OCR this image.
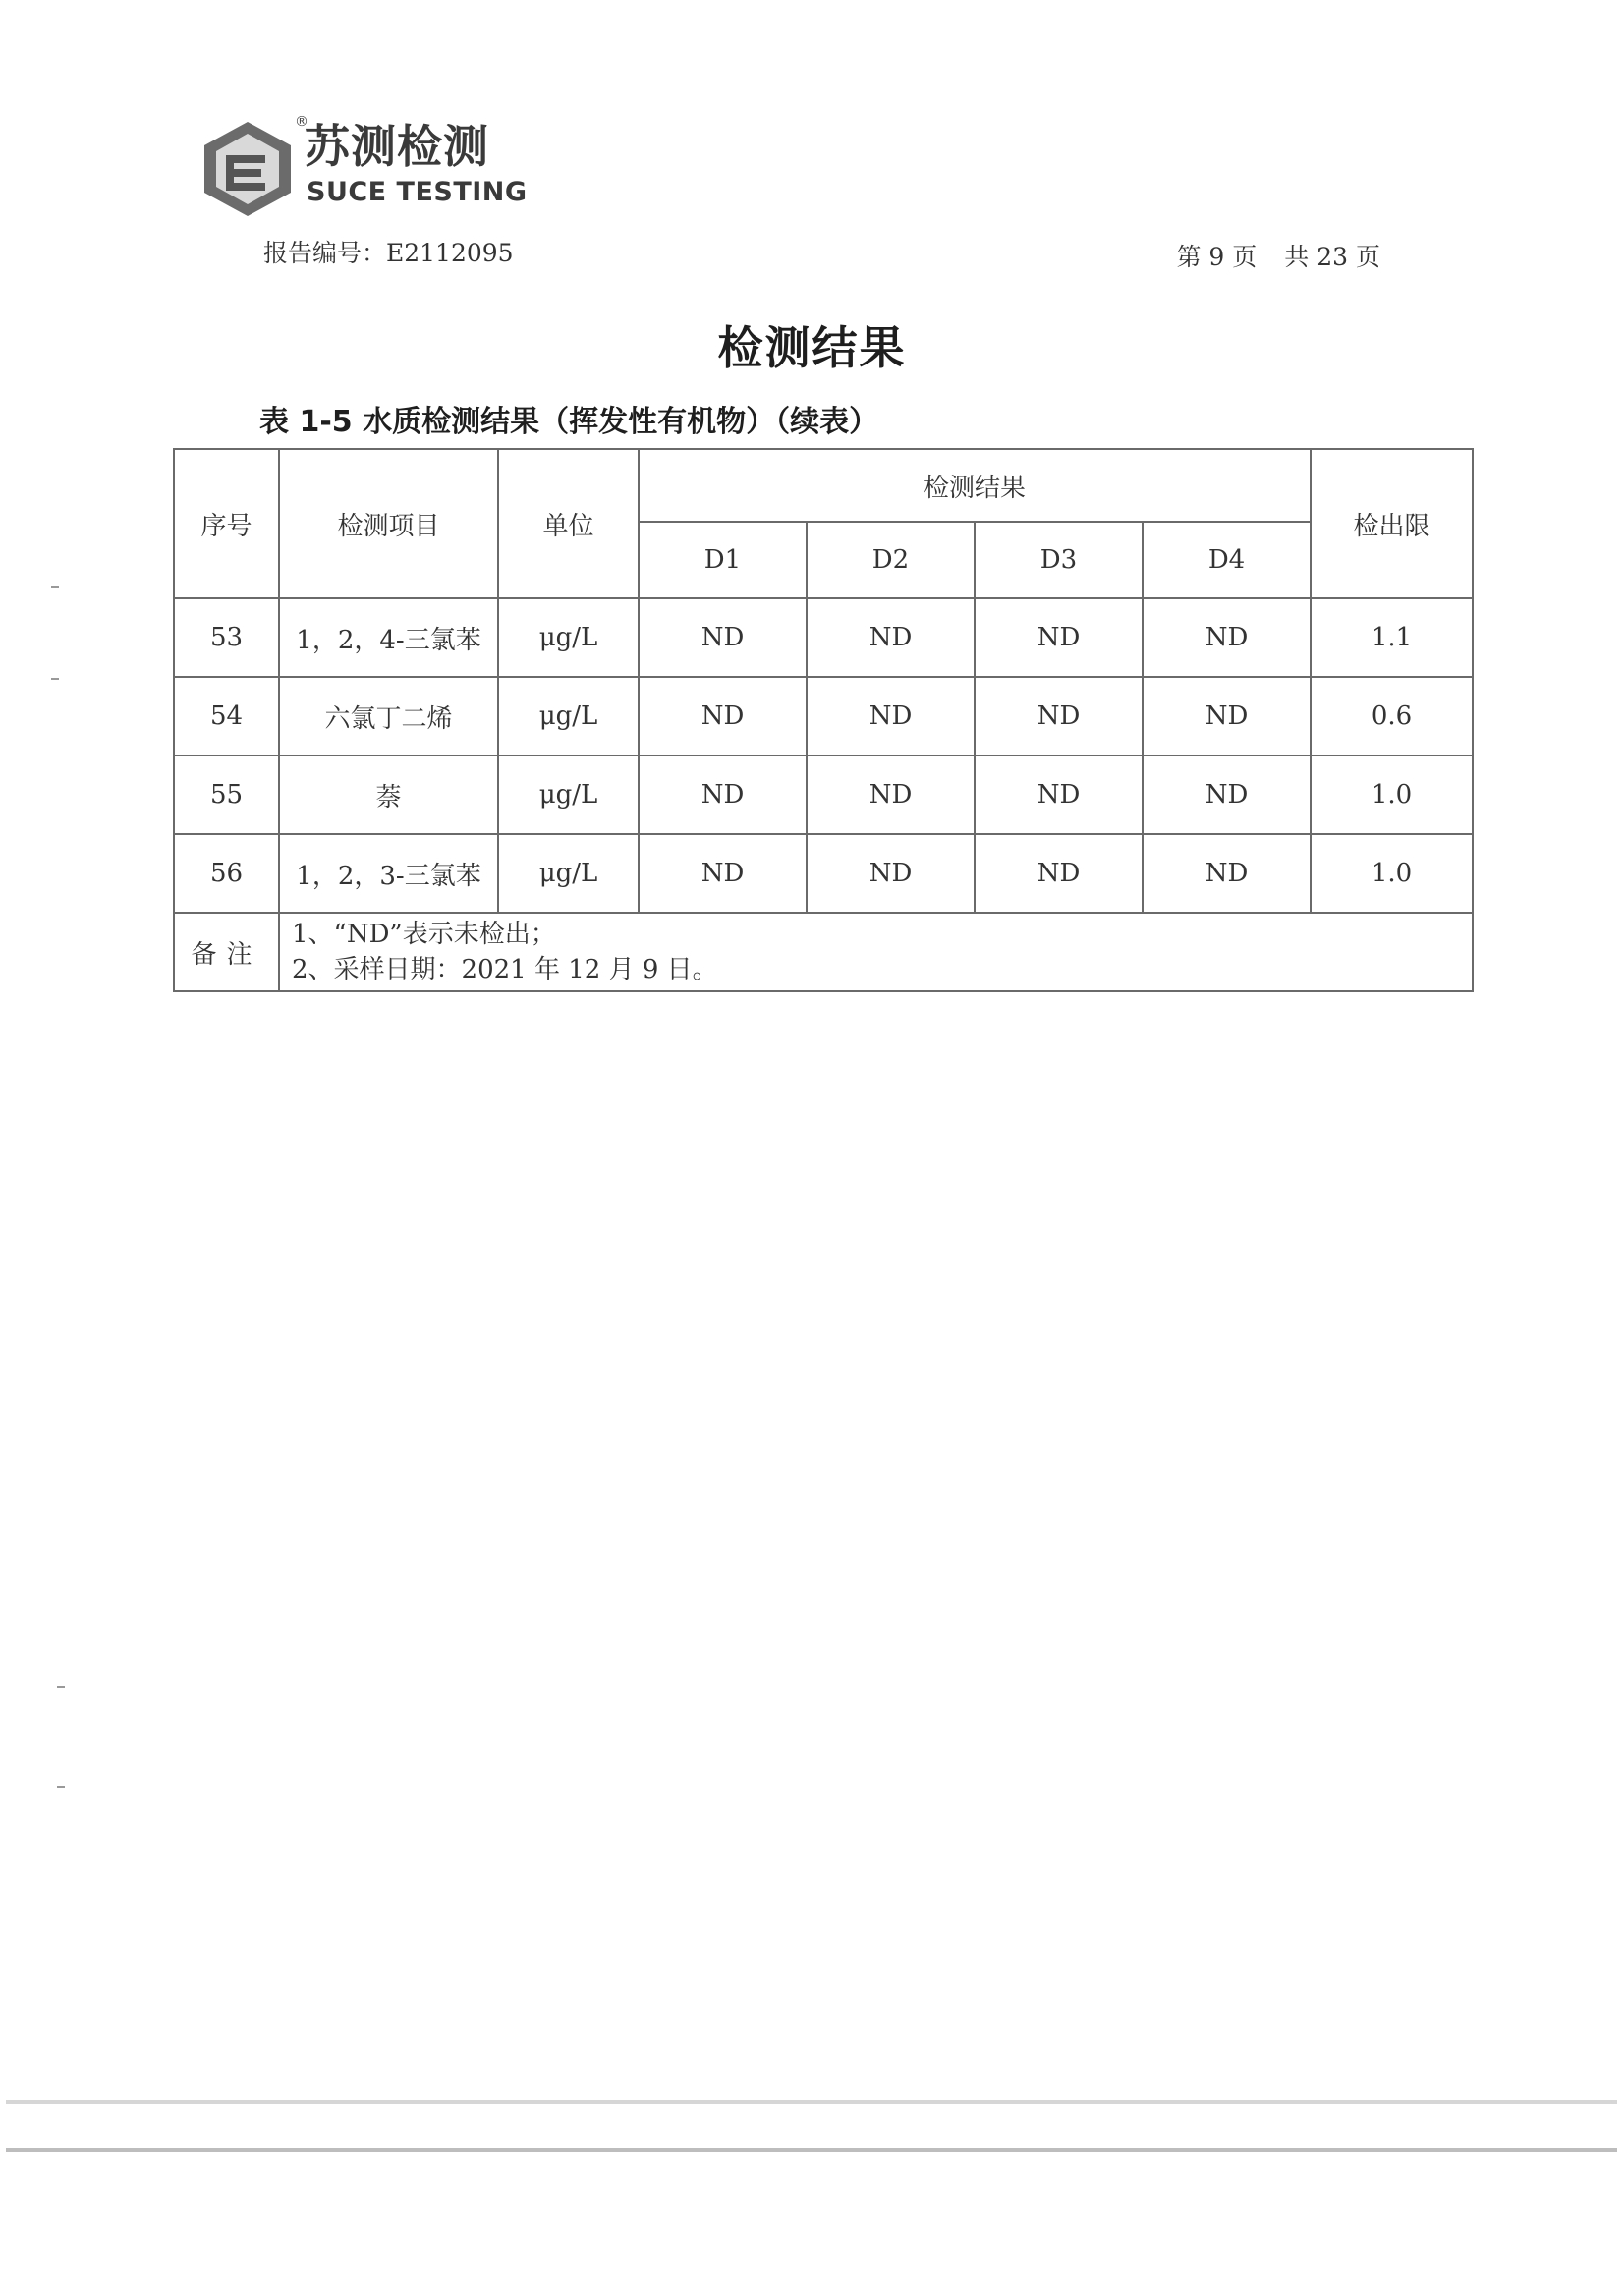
®
苏测检测
SUCE TESTING
报告编号：E2112095	第 9 页 共 23 页
检测结果
表 1-5 水质检测结果（挥发性有机物）（续表）
序号	检测项目	单位	检测结果				检出限
			D1	D2	D3	D4	
53	1，2，4-三氯苯	μg/L	ND	ND	ND	ND	1.1
54	六氯丁二烯	μg/L	ND	ND	ND	ND	0.6
55	萘	μg/L	ND	ND	ND	ND	1.0
56	1，2，3-三氯苯	μg/L	ND	ND	ND	ND	1.0
备注	1、“ND”表示未检出；
2、采样日期：2021 年 12 月 9 日。						
